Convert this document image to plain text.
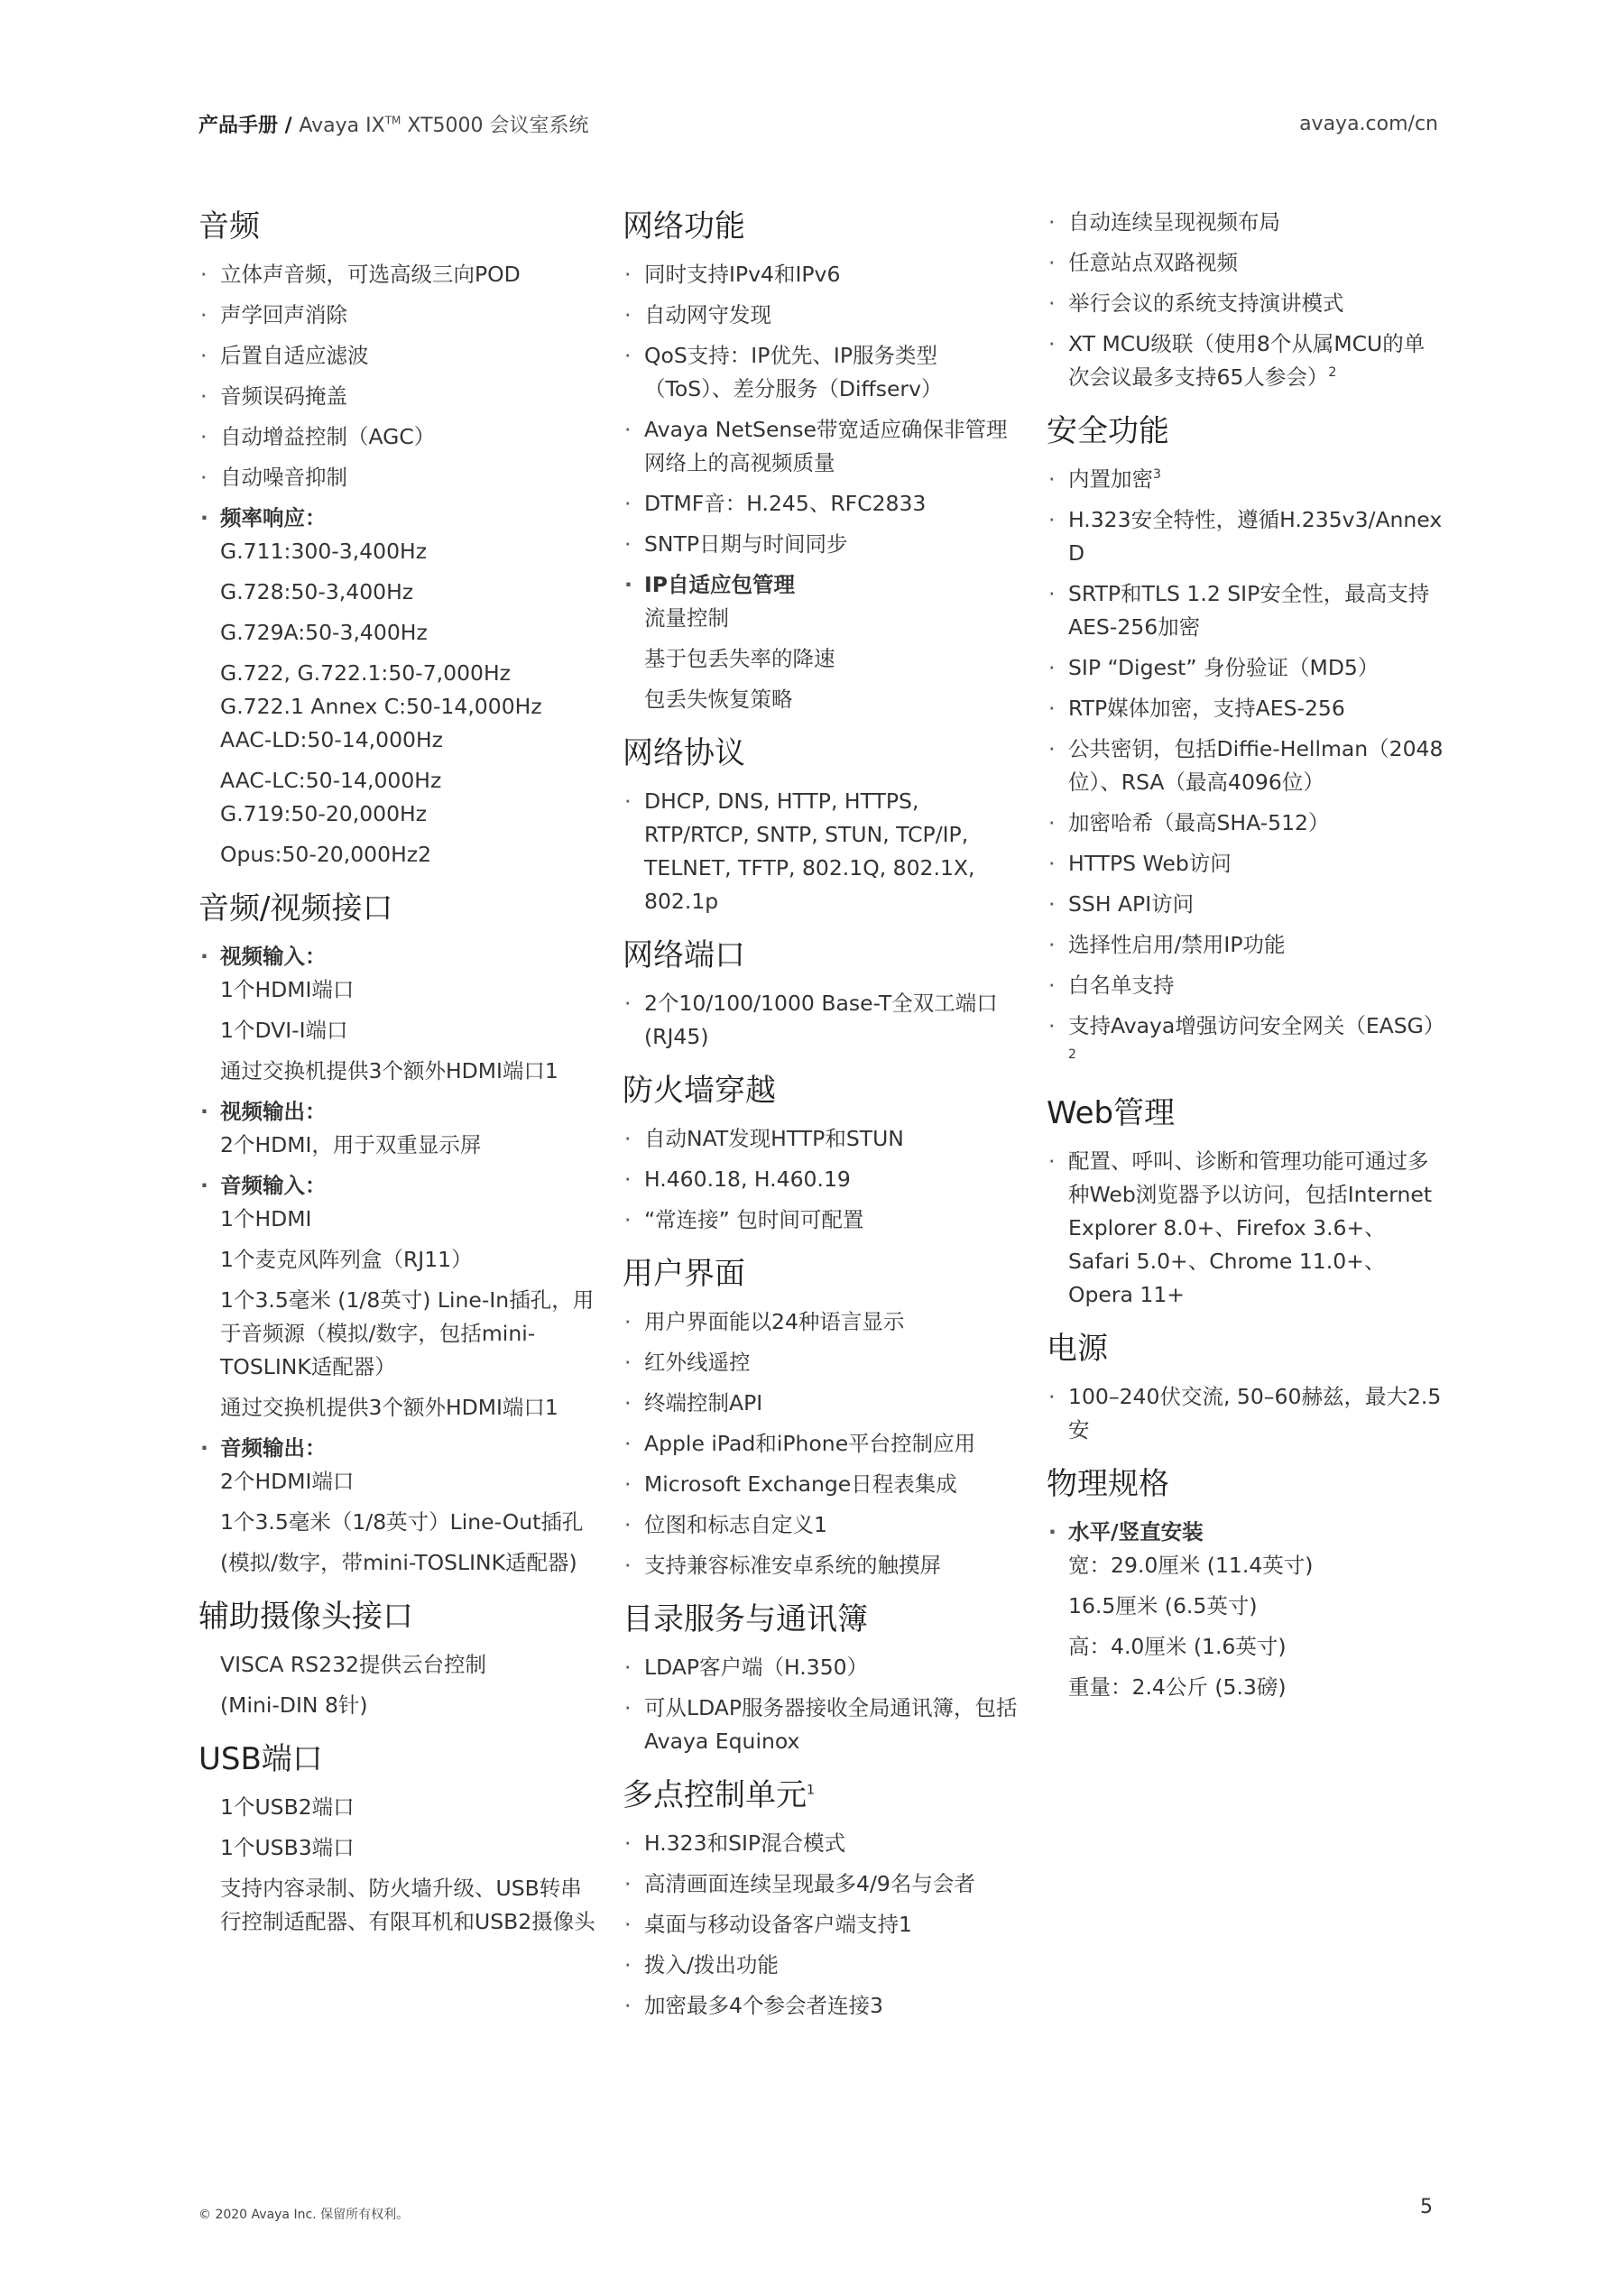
产品手册 / Avaya IX™ XT5000 会议室系统	avaya.com/cn
音频
· 立体声音频，可选高级三向POD
· 声学回声消除
· 后置自适应滤波
· 音频误码掩盖
· 自动增益控制（AGC）
· 自动噪音抑制
· 频率响应：
G.711:300-3,400Hz
G.728:50-3,400Hz
G.729A:50-3,400Hz
G.722, G.722.1:50-7,000Hz
G.722.1 Annex C:50-14,000Hz
AAC-LD:50-14,000Hz
AAC-LC:50-14,000Hz
G.719:50-20,000Hz
Opus:50-20,000Hz2
音频/视频接口
· 视频输入：
1个HDMI端口
1个DVI-I端口
通过交换机提供3个额外HDMI端口1
· 视频输出：
2个HDMI，用于双重显示屏
· 音频输入：
1个HDMI
1个麦克风阵列盒（RJ11）
1个3.5毫米 (1/8英寸) Line-In插孔，用于音频源（模拟/数字，包括mini-TOSLINK适配器）
通过交换机提供3个额外HDMI端口1
· 音频输出：
2个HDMI端口
1个3.5毫米（1/8英寸）Line-Out插孔
(模拟/数字，带mini-TOSLINK适配器)
辅助摄像头接口
VISCA RS232提供云台控制
(Mini-DIN 8针)
USB端口
1个USB2端口
1个USB3端口
支持内容录制、防火墙升级、USB转串行控制适配器、有限耳机和USB2摄像头
网络功能
· 同时支持IPv4和IPv6
· 自动网守发现
· QoS支持：IP优先、IP服务类型（ToS）、差分服务（Diffserv）
· Avaya NetSense带宽适应确保非管理网络上的高视频质量
· DTMF音：H.245、RFC2833
· SNTP日期与时间同步
· IP自适应包管理
流量控制
基于包丢失率的降速
包丢失恢复策略
网络协议
· DHCP, DNS, HTTP, HTTPS, RTP/RTCP, SNTP, STUN, TCP/IP, TELNET, TFTP, 802.1Q, 802.1X, 802.1p
网络端口
· 2个10/100/1000 Base-T全双工端口(RJ45)
防火墙穿越
· 自动NAT发现HTTP和STUN
· H.460.18, H.460.19
· “常连接” 包时间可配置
用户界面
· 用户界面能以24种语言显示
· 红外线遥控
· 终端控制API
· Apple iPad和iPhone平台控制应用
· Microsoft Exchange日程表集成
· 位图和标志自定义1
· 支持兼容标准安卓系统的触摸屏
目录服务与通讯簿
· LDAP客户端（H.350）
· 可从LDAP服务器接收全局通讯簿，包括Avaya Equinox
多点控制单元$^1$
· H.323和SIP混合模式
· 高清画面连续呈现最多4/9名与会者
· 桌面与移动设备客户端支持1
· 拨入/拨出功能
· 加密最多4个参会者连接3
· 自动连续呈现视频布局
· 任意站点双路视频
· 举行会议的系统支持演讲模式
· XT MCU级联（使用8个从属MCU的单次会议最多支持65人参会）$^2$
安全功能
· 内置加密$^3$
· H.323安全特性，遵循H.235v3/Annex D
· SRTP和TLS 1.2 SIP安全性，最高支持AES-256加密
· SIP “Digest” 身份验证（MD5）
· RTP媒体加密，支持AES-256
· 公共密钥，包括Diffie-Hellman（2048位）、RSA（最高4096位）
· 加密哈希（最高SHA-512）
· HTTPS Web访问
· SSH API访问
· 选择性启用/禁用IP功能
· 白名单支持
· 支持Avaya增强访问安全网关（EASG）$^2$
Web管理
· 配置、呼叫、诊断和管理功能可通过多种Web浏览器予以访问，包括Internet Explorer 8.0+、Firefox 3.6+、Safari 5.0+、Chrome 11.0+、Opera 11+
电源
· 100–240伏交流, 50–60赫兹，最大2.5安
物理规格
· 水平/竖直安装
宽：29.0厘米 (11.4英寸)
16.5厘米 (6.5英寸)
高：4.0厘米 (1.6英寸)
重量：2.4公斤 (5.3磅)
© 2020 Avaya Inc. 保留所有权利。	5
